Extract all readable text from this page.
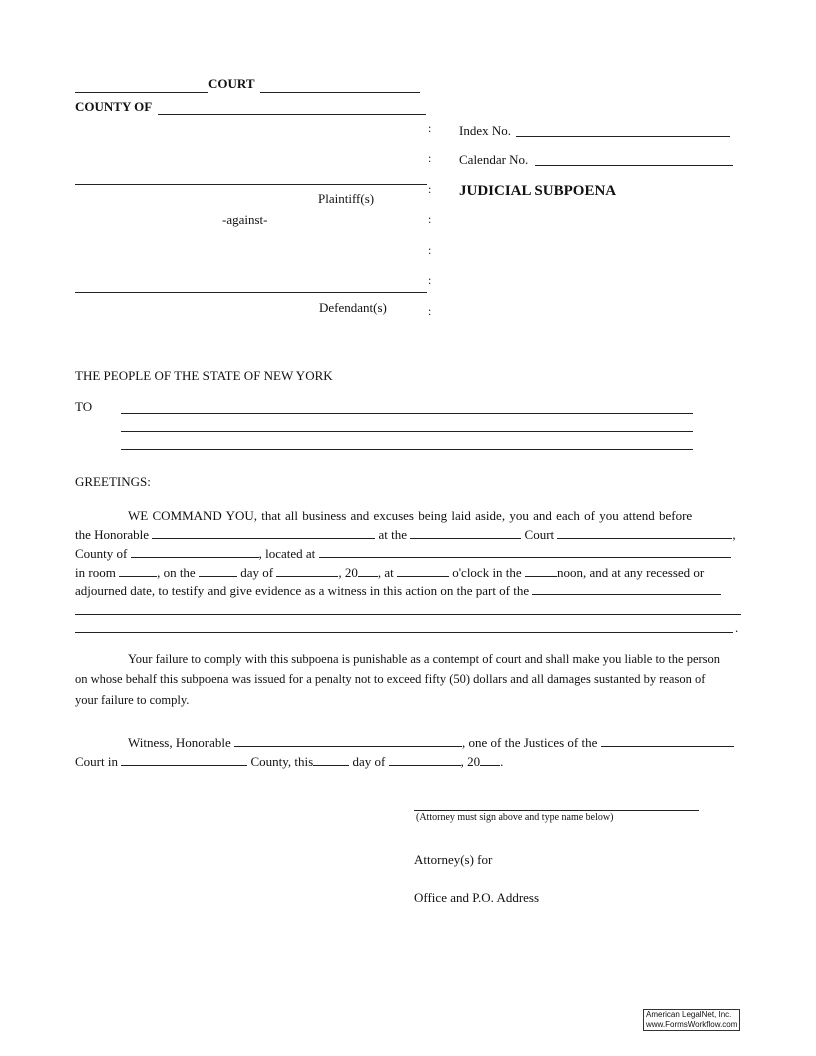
COURT
COUNTY OF
Plaintiff(s)
-against-
Defendant(s)
:
:
:
:
:
:
:
Index No.
Calendar No.
JUDICIAL SUBPOENA
THE PEOPLE OF THE STATE OF NEW YORK
TO
GREETINGS:
WE COMMAND YOU, that all business and excuses being laid aside, you and each of you attend before
the Honorable	at the	Court	,
County of	, located at
in room	, on the	day of	, 20 , at	o'clock in the	noon, and at any recessed or
adjourned date, to testify and give evidence as a witness in this action on the part of the
.
Your failure to comply with this subpoena is punishable as a contempt of court and shall make you liable to the person
on whose behalf this subpoena was issued for a penalty not to exceed fifty (50) dollars and all damages sustanted by reason of
your failure to comply.
Witness, Honorable	, one of the Justices of the
Court in	County, this	day of	, 20 .
(Attorney must sign above and type name below)
Attorney(s) for
Office and P.O. Address
American LegalNet, Inc.
www.FormsWorkflow.com
